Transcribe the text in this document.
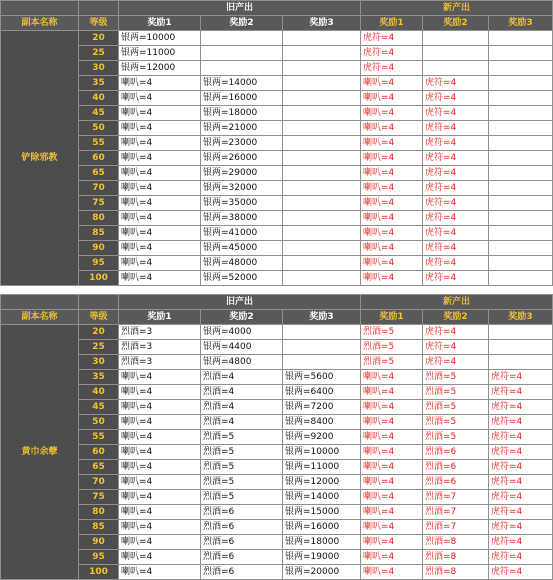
		旧产出			新产出		
副本名称	等级	奖励1	奖励2	奖励3	奖励1	奖励2	奖励3
铲除邪教	20	银两=10000			虎符=4		
	25	银两=11000			虎符=4		
	30	银两=12000			虎符=4		
	35	喇叭=4	银两=14000		喇叭=4	虎符=4	
	40	喇叭=4	银两=16000		喇叭=4	虎符=4	
	45	喇叭=4	银两=18000		喇叭=4	虎符=4	
	50	喇叭=4	银两=21000		喇叭=4	虎符=4	
	55	喇叭=4	银两=23000		喇叭=4	虎符=4	
	60	喇叭=4	银两=26000		喇叭=4	虎符=4	
	65	喇叭=4	银两=29000		喇叭=4	虎符=4	
	70	喇叭=4	银两=32000		喇叭=4	虎符=4	
	75	喇叭=4	银两=35000		喇叭=4	虎符=4	
	80	喇叭=4	银两=38000		喇叭=4	虎符=4	
	85	喇叭=4	银两=41000		喇叭=4	虎符=4	
	90	喇叭=4	银两=45000		喇叭=4	虎符=4	
	95	喇叭=4	银两=48000		喇叭=4	虎符=4	
	100	喇叭=4	银两=52000		喇叭=4	虎符=4	
		旧产出			新产出		
副本名称	等级	奖励1	奖励2	奖励3	奖励1	奖励2	奖励3
黄巾余孽	20	烈酒=3	银两=4000		烈酒=5	虎符=4	
	25	烈酒=3	银两=4400		烈酒=5	虎符=4	
	30	烈酒=3	银两=4800		烈酒=5	虎符=4	
	35	喇叭=4	烈酒=4	银两=5600	喇叭=4	烈酒=5	虎符=4
	40	喇叭=4	烈酒=4	银两=6400	喇叭=4	烈酒=5	虎符=4
	45	喇叭=4	烈酒=4	银两=7200	喇叭=4	烈酒=5	虎符=4
	50	喇叭=4	烈酒=4	银两=8400	喇叭=4	烈酒=5	虎符=4
	55	喇叭=4	烈酒=5	银两=9200	喇叭=4	烈酒=5	虎符=4
	60	喇叭=4	烈酒=5	银两=10000	喇叭=4	烈酒=6	虎符=4
	65	喇叭=4	烈酒=5	银两=11000	喇叭=4	烈酒=6	虎符=4
	70	喇叭=4	烈酒=5	银两=12000	喇叭=4	烈酒=6	虎符=4
	75	喇叭=4	烈酒=5	银两=14000	喇叭=4	烈酒=7	虎符=4
	80	喇叭=4	烈酒=6	银两=15000	喇叭=4	烈酒=7	虎符=4
	85	喇叭=4	烈酒=6	银两=16000	喇叭=4	烈酒=7	虎符=4
	90	喇叭=4	烈酒=6	银两=18000	喇叭=4	烈酒=8	虎符=4
	95	喇叭=4	烈酒=6	银两=19000	喇叭=4	烈酒=8	虎符=4
	100	喇叭=4	烈酒=6	银两=20000	喇叭=4	烈酒=8	虎符=4
